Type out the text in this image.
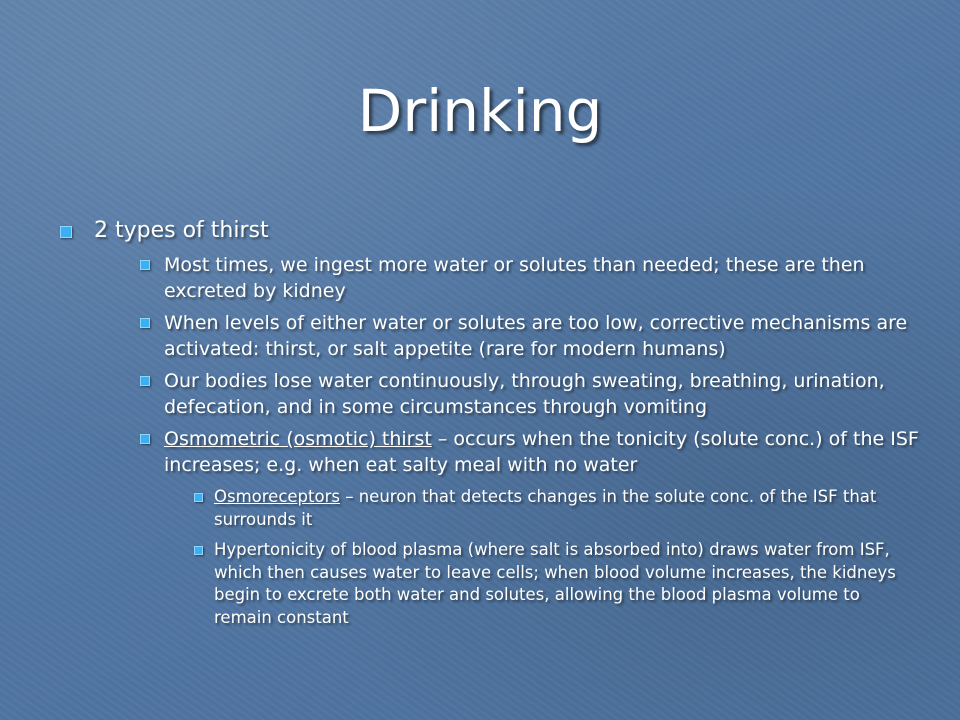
Drinking
2 types of thirst
Most times, we ingest more water or solutes than needed; these are then excreted by kidney
When levels of either water or solutes are too low, corrective mechanisms are activated: thirst, or salt appetite (rare for modern humans)
Our bodies lose water continuously, through sweating, breathing, urination, defecation, and in some circumstances through vomiting
Osmometric (osmotic) thirst – occurs when the tonicity (solute conc.) of the ISF increases; e.g. when eat salty meal with no water
Osmoreceptors – neuron that detects changes in the solute conc. of the ISF that surrounds it
Hypertonicity of blood plasma (where salt is absorbed into) draws water from ISF, which then causes water to leave cells; when blood volume increases, the kidneys begin to excrete both water and solutes, allowing the blood plasma volume to remain constant
